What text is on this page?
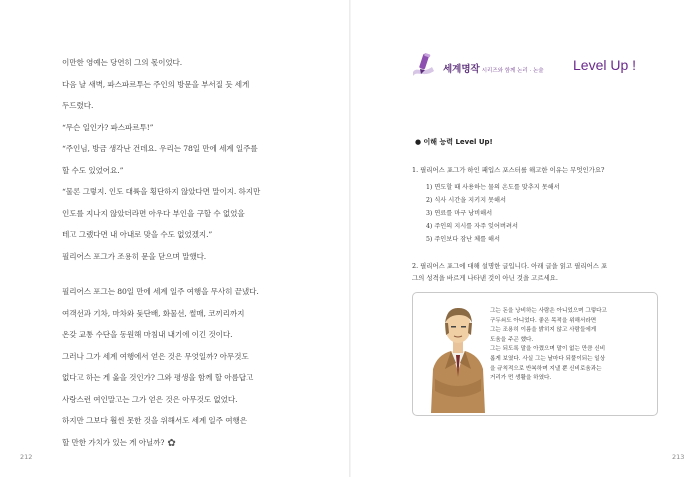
이만한 영예는 당연히 그의 몫이었다.

다음 날 새벽, 파스파르투는 주인의 방문을 부서질 듯 세게

두드렸다.

“무슨 일인가? 파스파르투!”

“주인님, 방금 생각난 건데요. 우리는 78일 만에 세계 일주를

할 수도 있었어요.”

“물론 그렇지. 인도 대륙을 횡단하지 않았다면 말이지. 하지만

인도를 지나지 않았더라면 아우다 부인을 구할 수 없었을

테고 그랬다면 내 아내로 맞을 수도 없었겠지.”

필리어스 포그가 조용히 문을 닫으며 말했다.

필리어스 포그는 80일 만에 세계 일주 여행을 무사히 끝냈다.

여객선과 기차, 마차와 돛단배, 화물선, 썰매, 코끼리까지

온갖 교통 수단을 동원해 마침내 내기에 이긴 것이다.

그러나 그가 세계 여행에서 얻은 것은 무엇일까? 아무것도

없다고 하는 게 옳을 것인가? 그와 평생을 함께 할 아름답고

사랑스런 여인말고는 그가 얻은 것은 아무것도 없었다.

하지만 그보다 훨씬 못한 것을 위해서도 세계 일주 여행은

할 만한 가치가 있는 게 아닐까? ✿

212
세계명작 시리즈와 함께 논리 · 논술 Level Up !
● 이해 능력 Level Up!

1. 필리어스 포그가 하인 패입스 포스터를 해고한 이유는 무엇인가요?

1) 면도할 때 사용하는 물의 온도를 맞추지 못해서
2) 식사 시간을 지키지 못해서
3) 연료를 마구 낭비해서
4) 주인의 지시를 자주 잊어버려서
5) 주인보다 잠난 체를 해서

2. 필리어스 포그에 대해 설명한 글입니다. 아래 글을 읽고 필리어스 포

그의 성격을 바르게 나타낸 것이 아닌 것을 고르세요.

그는 돈을 낭비하는 사람은 아니었으며 그렇다고

구두쇠도 아니었다. 좋은 목적을 위해서라면

그는 조용히 이름을 밝히지 않고 사람들에게

도움을 주곤 했다.

그는 되도록 말을 아꼈으며 말이 없는 만큼 신비

롭게 보였다. 사실 그는 날마다 되풀이되는 일상

을 규칙적으로 반복하며 지낼 뿐 신비로움과는

거리가 먼 생활을 하였다.

213
